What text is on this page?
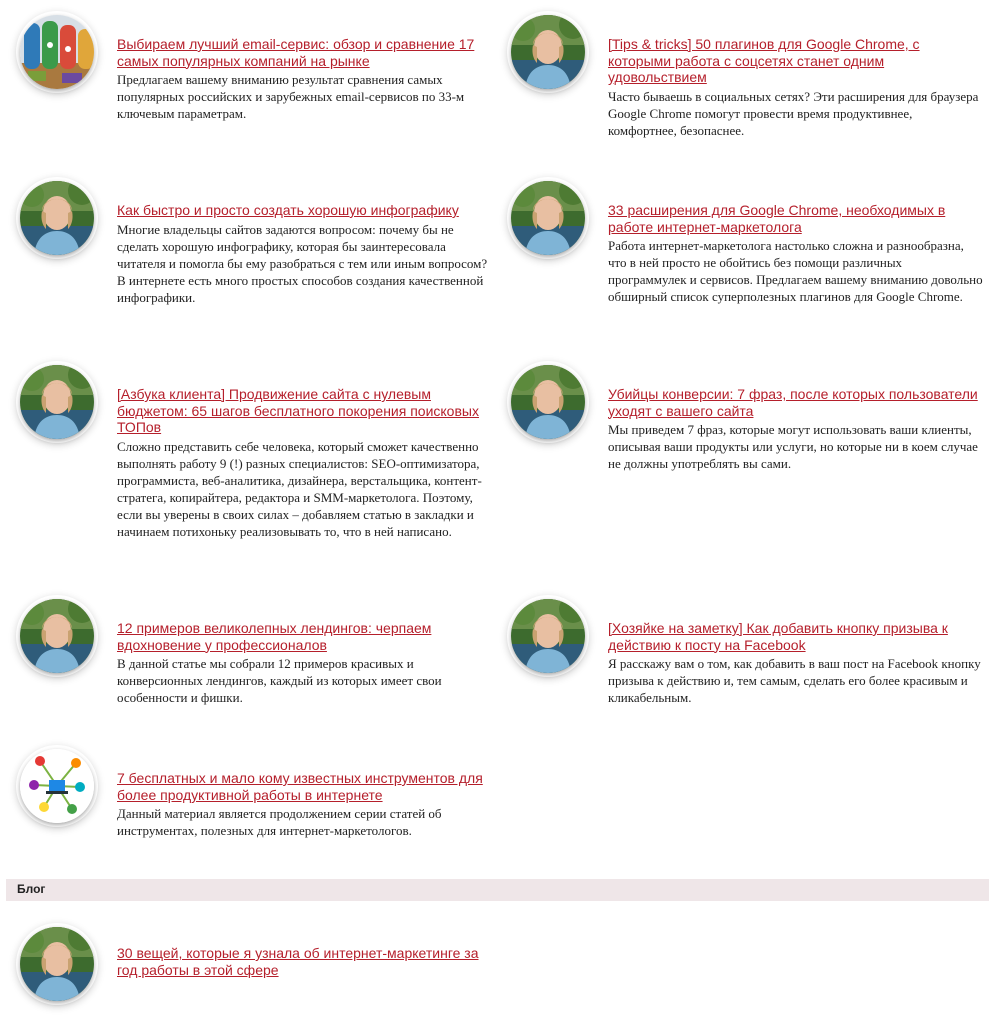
Выбираем лучший email-сервис: обзор и сравнение 17 самых популярных компаний на рынке

Предлагаем вашему вниманию результат сравнения самых популярных российских и зарубежных email-сервисов по 33-м ключевым параметрам.

[Tips & tricks] 50 плагинов для Google Chrome, с которыми работа с соцсетях станет одним удовольствием

Часто бываешь в социальных сетях? Эти расширения для браузера Google Chrome помогут провести время продуктивнее, комфортнее, безопаснее.

Как быстро и просто создать хорошую инфографику

Многие владельцы сайтов задаются вопросом: почему бы не сделать хорошую инфографику, которая бы заинтересовала читателя и помогла бы ему разобраться с тем или иным вопросом? В интернете есть много простых способов создания качественной инфографики.

33 расширения для Google Chrome, необходимых в работе интернет-маркетолога

Работа интернет-маркетолога настолько сложна и разнообразна, что в ней просто не обойтись без помощи различных программулек и сервисов. Предлагаем вашему вниманию довольно обширный список суперполезных плагинов для Google Chrome.

[Азбука клиента] Продвижение сайта с нулевым бюджетом: 65 шагов бесплатного покорения поисковых ТОПов

Сложно представить себе человека, который сможет качественно выполнять работу 9 (!) разных специалистов: SEO-оптимизатора, программиста, веб-аналитика, дизайнера, верстальщика, контент-стратега, копирайтера, редактора и SMM-маркетолога. Поэтому, если вы уверены в своих силах – добавляем статью в закладки и начинаем потихоньку реализовывать то, что в ней написано.

Убийцы конверсии: 7 фраз, после которых пользователи уходят с вашего сайта

Мы приведем 7 фраз, которые могут использовать ваши клиенты, описывая ваши продукты или услуги, но которые ни в коем случае не должны употреблять вы сами.

12 примеров великолепных лендингов: черпаем вдохновение у профессионалов

В данной статье мы собрали 12 примеров красивых и конверсионных лендингов, каждый из которых имеет свои особенности и фишки.

[Хозяйке на заметку] Как добавить кнопку призыва к действию к посту на Facebook

Я расскажу вам о том, как добавить в ваш пост на Facebook кнопку призыва к действию и, тем самым, сделать его более красивым и кликабельным.

7 бесплатных и мало кому известных инструментов для более продуктивной работы в интернете

Данный материал является продолжением серии статей об инструментах, полезных для интернет-маркетологов.

Блог
30 вещей, которые я узнала об интернет-маркетинге за год работы в этой сфере
